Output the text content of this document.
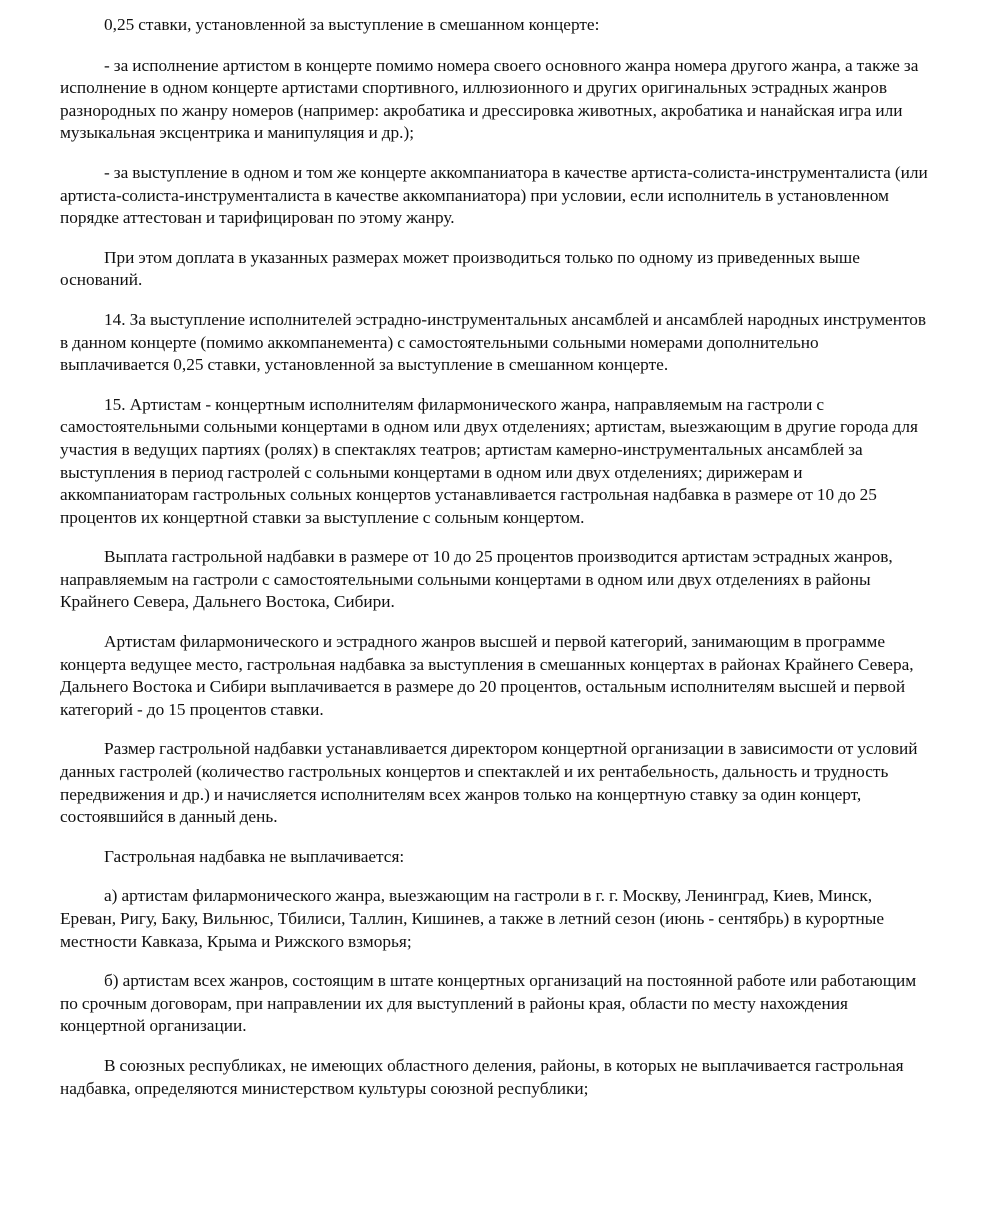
0,25 ставки, установленной за выступление в смешанном концерте:

- за исполнение артистом в концерте помимо номера своего основного жанра номера другого жанра, а также за исполнение в одном концерте артистами спортивного, иллюзионного и других оригинальных эстрадных жанров разнородных по жанру номеров (например: акробатика и дрессировка животных, акробатика и нанайская игра или музыкальная эксцентрика и манипуляция и др.);

- за выступление в одном и том же концерте аккомпаниатора в качестве артиста-солиста-инструменталиста (или артиста-солиста-инструменталиста в качестве аккомпаниатора) при условии, если исполнитель в установленном порядке аттестован и тарифицирован по этому жанру.

При этом доплата в указанных размерах может производиться только по одному из приведенных выше оснований.

14. За выступление исполнителей эстрадно-инструментальных ансамблей и ансамблей народных инструментов в данном концерте (помимо аккомпанемента) с самостоятельными сольными номерами дополнительно выплачивается 0,25 ставки, установленной за выступление в смешанном концерте.

15. Артистам - концертным исполнителям филармонического жанра, направляемым на гастроли с самостоятельными сольными концертами в одном или двух отделениях; артистам, выезжающим в другие города для участия в ведущих партиях (ролях) в спектаклях театров; артистам камерно-инструментальных ансамблей за выступления в период гастролей с сольными концертами в одном или двух отделениях; дирижерам и аккомпаниаторам гастрольных сольных концертов устанавливается гастрольная надбавка в размере от 10 до 25 процентов их концертной ставки за выступление с сольным концертом.

Выплата гастрольной надбавки в размере от 10 до 25 процентов производится артистам эстрадных жанров, направляемым на гастроли с самостоятельными сольными концертами в одном или двух отделениях в районы Крайнего Севера, Дальнего Востока, Сибири.

Артистам филармонического и эстрадного жанров высшей и первой категорий, занимающим в программе концерта ведущее место, гастрольная надбавка за выступления в смешанных концертах в районах Крайнего Севера, Дальнего Востока и Сибири выплачивается в размере до 20 процентов, остальным исполнителям высшей и первой категорий - до 15 процентов ставки.

Размер гастрольной надбавки устанавливается директором концертной организации в зависимости от условий данных гастролей (количество гастрольных концертов и спектаклей и их рентабельность, дальность и трудность передвижения и др.) и начисляется исполнителям всех жанров только на концертную ставку за один концерт, состоявшийся в данный день.

Гастрольная надбавка не выплачивается:

а) артистам филармонического жанра, выезжающим на гастроли в г. г. Москву, Ленинград, Киев, Минск, Ереван, Ригу, Баку, Вильнюс, Тбилиси, Таллин, Кишинев, а также в летний сезон (июнь - сентябрь) в курортные местности Кавказа, Крыма и Рижского взморья;

б) артистам всех жанров, состоящим в штате концертных организаций на постоянной работе или работающим по срочным договорам, при направлении их для выступлений в районы края, области по месту нахождения концертной организации.

В союзных республиках, не имеющих областного деления, районы, в которых не выплачивается гастрольная надбавка, определяются министерством культуры союзной республики;
